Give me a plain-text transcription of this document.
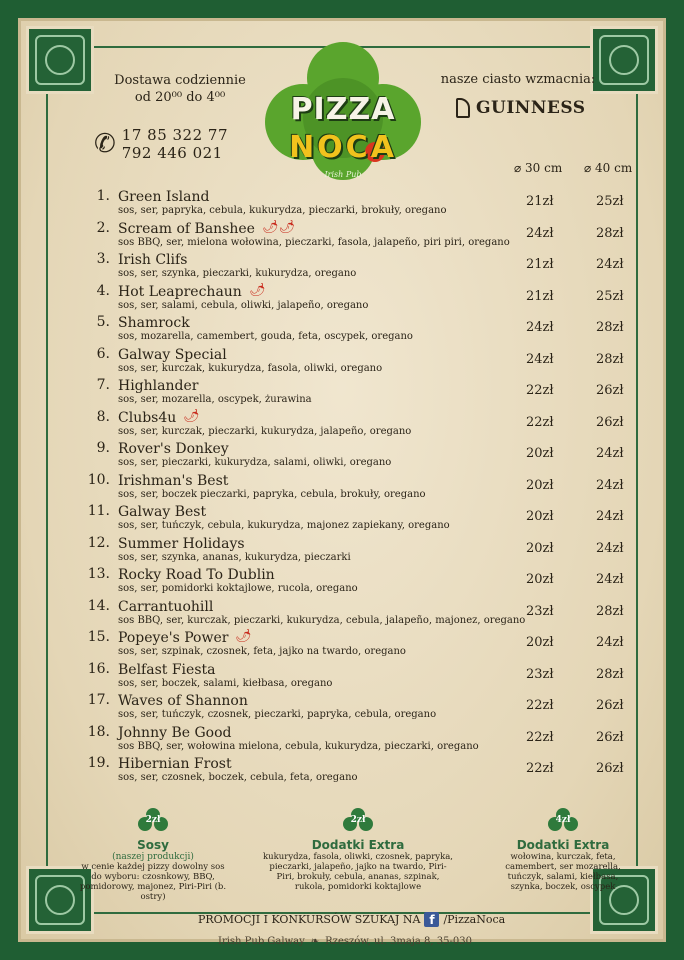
Dostawa codziennie
od 20⁰⁰ do 4⁰⁰
✆ 17 85 322 77
792 446 021
PIZZA
NOCA
Irish Pub
nasze ciasto wzmacnia:
GUINNESS
⌀ 30 cm ⌀ 40 cm
1. Green Island
sos, ser, papryka, cebula, kukurydza, pieczarki, brokuły, oregano
21zł	25zł
2. Scream of Banshee 🌶🌶
sos BBQ, ser, mielona wołowina, pieczarki, fasola, jalapeño, piri piri, oregano
24zł	28zł
3. Irish Clifs
sos, ser, szynka, pieczarki, kukurydza, oregano
21zł	24zł
4. Hot Leaprechaun 🌶
sos, ser, salami, cebula, oliwki, jalapeño, oregano
21zł	25zł
5. Shamrock
sos, mozarella, camembert, gouda, feta, oscypek, oregano
24zł	28zł
6. Galway Special
sos, ser, kurczak, kukurydza, fasola, oliwki, oregano
24zł	28zł
7. Highlander
sos, ser, mozarella, oscypek, żurawina
22zł	26zł
8. Clubs4u 🌶
sos, ser, kurczak, pieczarki, kukurydza, jalapeño, oregano
22zł	26zł
9. Rover's Donkey
sos, ser, pieczarki, kukurydza, salami, oliwki, oregano
20zł	24zł
10. Irishman's Best
sos, ser, boczek pieczarki, papryka, cebula, brokuły, oregano
20zł	24zł
11. Galway Best
sos, ser, tuńczyk, cebula, kukurydza, majonez zapiekany, oregano
20zł	24zł
12. Summer Holidays
sos, ser, szynka, ananas, kukurydza, pieczarki
20zł	24zł
13. Rocky Road To Dublin
sos, ser, pomidorki koktajlowe, rucola, oregano
20zł	24zł
14. Carrantuohill
sos BBQ, ser, kurczak, pieczarki, kukurydza, cebula, jalapeño, majonez, oregano
23zł	28zł
15. Popeye's Power 🌶
sos, ser, szpinak, czosnek, feta, jajko na twardo, oregano
20zł	24zł
16. Belfast Fiesta
sos, ser, boczek, salami, kiełbasa, oregano
23zł	28zł
17. Waves of Shannon
sos, ser, tuńczyk, czosnek, pieczarki, papryka, cebula, oregano
22zł	26zł
18. Johnny Be Good
sos BBQ, ser, wołowina mielona, cebula, kukurydza, pieczarki, oregano
22zł	26zł
19. Hibernian Frost
sos, ser, czosnek, boczek, cebula, feta, oregano
22zł	26zł
2zł
Sosy
(naszej produkcji)
w cenie każdej pizzy dowolny sos do wyboru: czosnkowy, BBQ, pomidorowy, majonez, Piri-Piri (b. ostry)
2zł
Dodatki Extra
kukurydza, fasola, oliwki, czosnek, papryka, pieczarki, jalapeño, jajko na twardo, Piri-Piri, brokuły, cebula, ananas, szpinak, rukola, pomidorki koktajlowe
4zł
Dodatki Extra
wołowina, kurczak, feta, camembert, ser mozarella, tuńczyk, salami, kiełbasa, szynka, boczek, oscypek
PROMOCJI I KONKURSÓW SZUKAJ NA f /PizzaNoca
Irish Pub Galway ❧ Rzeszów, ul. 3maja 8, 35-030
